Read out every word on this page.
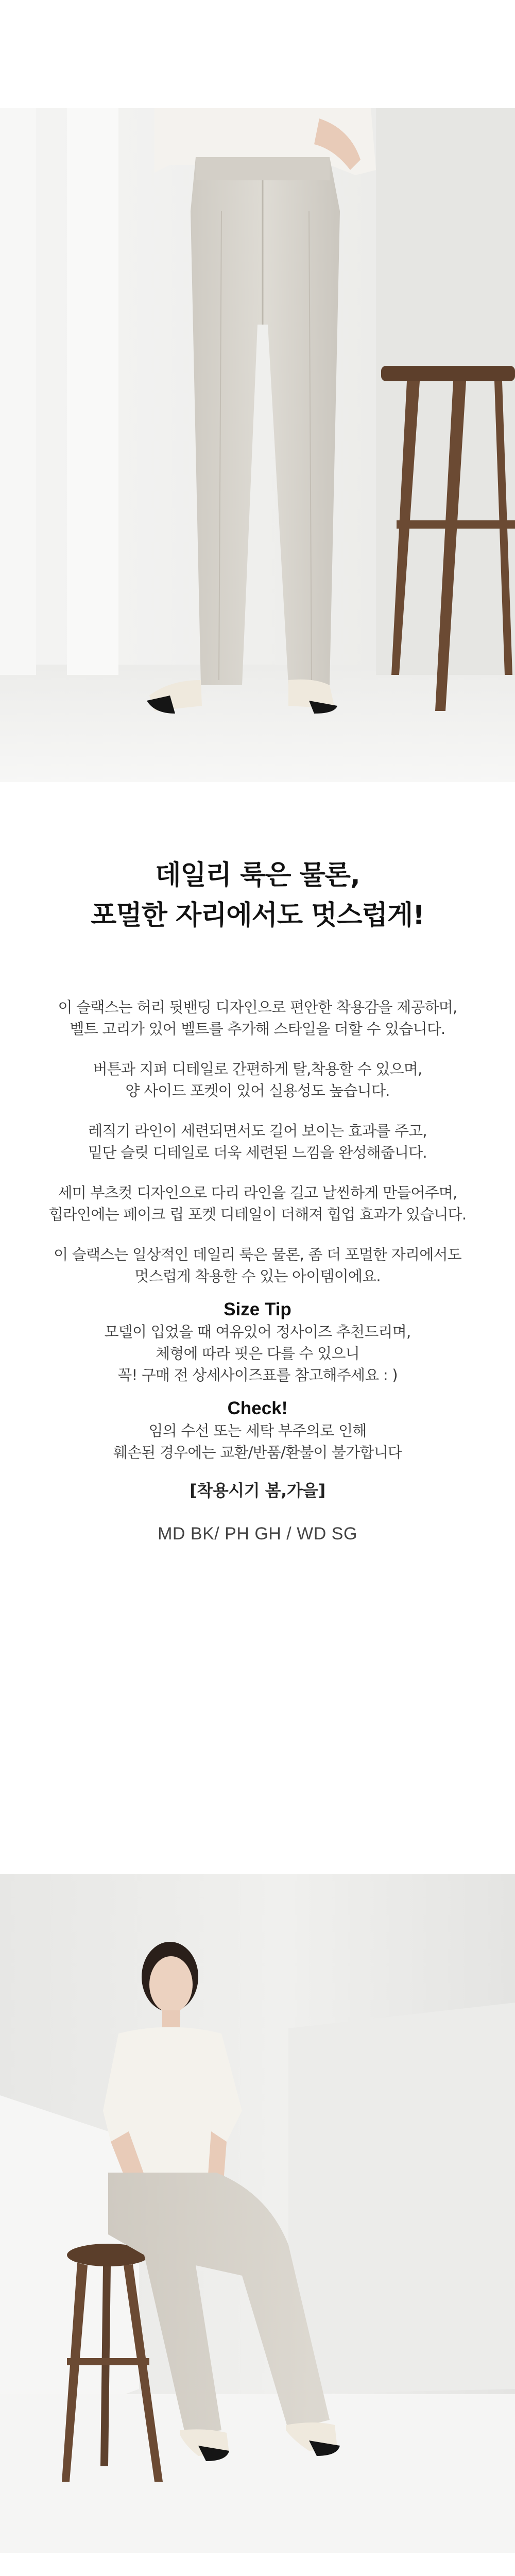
데일리 룩은 물론,
포멀한 자리에서도 멋스럽게!
이 슬랙스는 허리 뒷밴딩 디자인으로 편안한 착용감을 제공하며,
벨트 고리가 있어 벨트를 추가해 스타일을 더할 수 있습니다.
버튼과 지퍼 디테일로 간편하게 탈,착용할 수 있으며,
양 사이드 포켓이 있어 실용성도 높습니다.
레직기 라인이 세련되면서도 길어 보이는 효과를 주고,
밑단 슬릿 디테일로 더욱 세련된 느낌을 완성해줍니다.
세미 부츠컷 디자인으로 다리 라인을 길고 날씬하게 만들어주며,
힙라인에는 페이크 립 포켓 디테일이 더해져 힙업 효과가 있습니다.
이 슬랙스는 일상적인 데일리 룩은 물론, 좀 더 포멀한 자리에서도
멋스럽게 착용할 수 있는 아이템이에요.
Size Tip
모델이 입었을 때 여유있어 정사이즈 추천드리며,
체형에 따라 핏은 다를 수 있으니
꼭! 구매 전 상세사이즈표를 참고해주세요 : )
Check!
임의 수선 또는 세탁 부주의로 인해
훼손된 경우에는 교환/반품/환불이 불가합니다
[착용시기 봄,가을]
MD BK/ PH GH / WD SG
